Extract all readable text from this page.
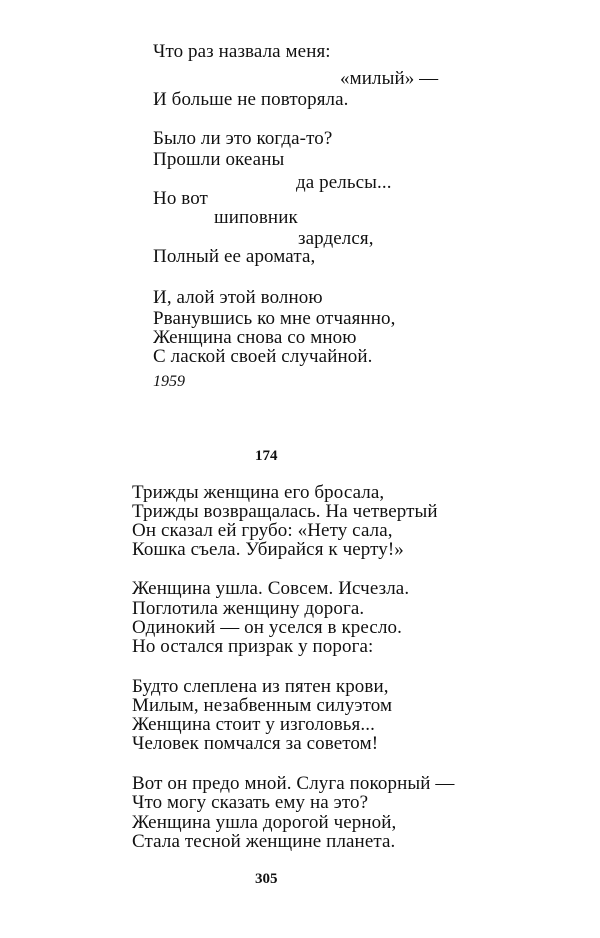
Что раз назвала меня:
«милый» —
И больше не повторяла.
Было ли это когда-то?
Прошли океаны
да рельсы...
Но вот
шиповник
зарделся,
Полный ее аромата,
И, алой этой волною
Рванувшись ко мне отчаянно,
Женщина снова со мною
С лаской своей случайной.
1959
174
Трижды женщина его бросала,
Трижды возвращалась. На четвертый
Он сказал ей грубо: «Нету сала,
Кошка съела. Убирайся к черту!»
Женщина ушла. Совсем. Исчезла.
Поглотила женщину дорога.
Одинокий — он уселся в кресло.
Но остался призрак у порога:
Будто слеплена из пятен крови,
Милым, незабвенным силуэтом
Женщина стоит у изголовья...
Человек помчался за советом!
Вот он предо мной. Слуга покорный —
Что могу сказать ему на это?
Женщина ушла дорогой черной,
Стала тесной женщине планета.
305
